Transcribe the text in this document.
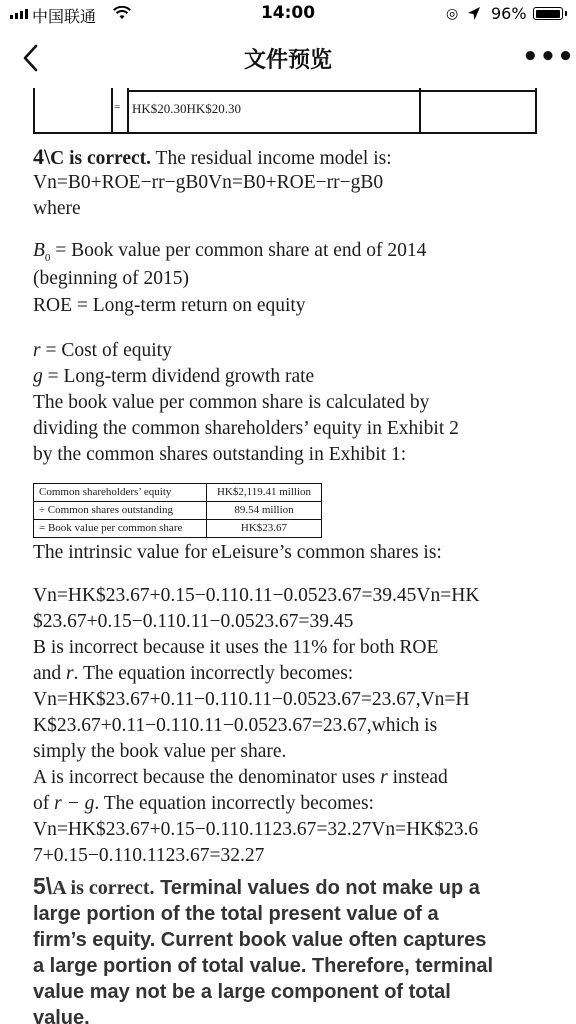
中国联通	14:00	◎ 96%
文件预览	•••
= HK$20.30HK$20.30
4\C is correct. The residual income model is:
Vn=B0+ROE−rr−gB0Vn=B0+ROE−rr−gB0
where
$B_0$ = Book value per common share at end of 2014
(beginning of 2015)
ROE = Long-term return on equity
r = Cost of equity
g = Long-term dividend growth rate
The book value per common share is calculated by
dividing the common shareholders’ equity in Exhibit 2
by the common shares outstanding in Exhibit 1:
Common shareholders’ equity	HK$2,119.41 million
÷ Common shares outstanding	89.54 million
= Book value per common share	HK$23.67
The intrinsic value for eLeisure’s common shares is:
Vn=HK$23.67+0.15−0.110.11−0.0523.67=39.45Vn=HK
$23.67+0.15−0.110.11−0.0523.67=39.45
B is incorrect because it uses the 11% for both ROE
and r. The equation incorrectly becomes:
Vn=HK$23.67+0.11−0.110.11−0.0523.67=23.67,Vn=H
K$23.67+0.11−0.110.11−0.0523.67=23.67,which is
simply the book value per share.
A is incorrect because the denominator uses r instead
of r − g. The equation incorrectly becomes:
Vn=HK$23.67+0.15−0.110.1123.67=32.27Vn=HK$23.6
7+0.15−0.110.1123.67=32.27
5\A is correct. Terminal values do not make up a
large portion of the total present value of a
firm’s equity. Current book value often captures
a large portion of total value. Therefore, terminal
value may not be a large component of total
value.
